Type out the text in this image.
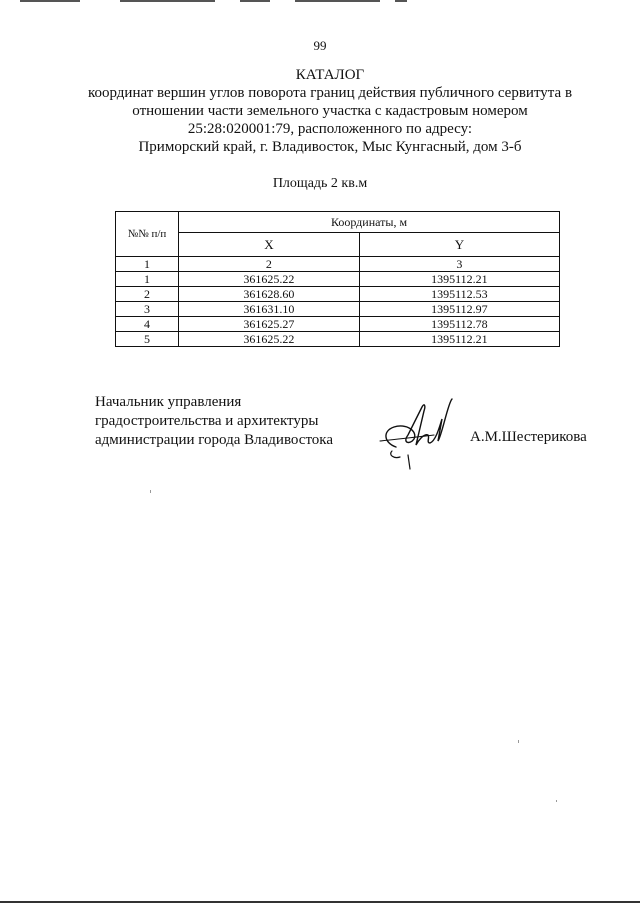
99
КАТАЛОГ
координат вершин углов поворота границ действия публичного сервитута в
отношении части земельного участка с кадастровым номером
25:28:020001:79, расположенного по адресу:
Приморский край, г. Владивосток, Мыс Кунгасный, дом 3-б
Площадь 2 кв.м
№№ п/п	Координаты, м	
	X	Y
1	2	3
1	361625.22	1395112.21
2	361628.60	1395112.53
3	361631.10	1395112.97
4	361625.27	1395112.78
5	361625.22	1395112.21
Начальник управления
градостроительства и архитектуры
администрации города Владивостока	А.М.Шестерикова
